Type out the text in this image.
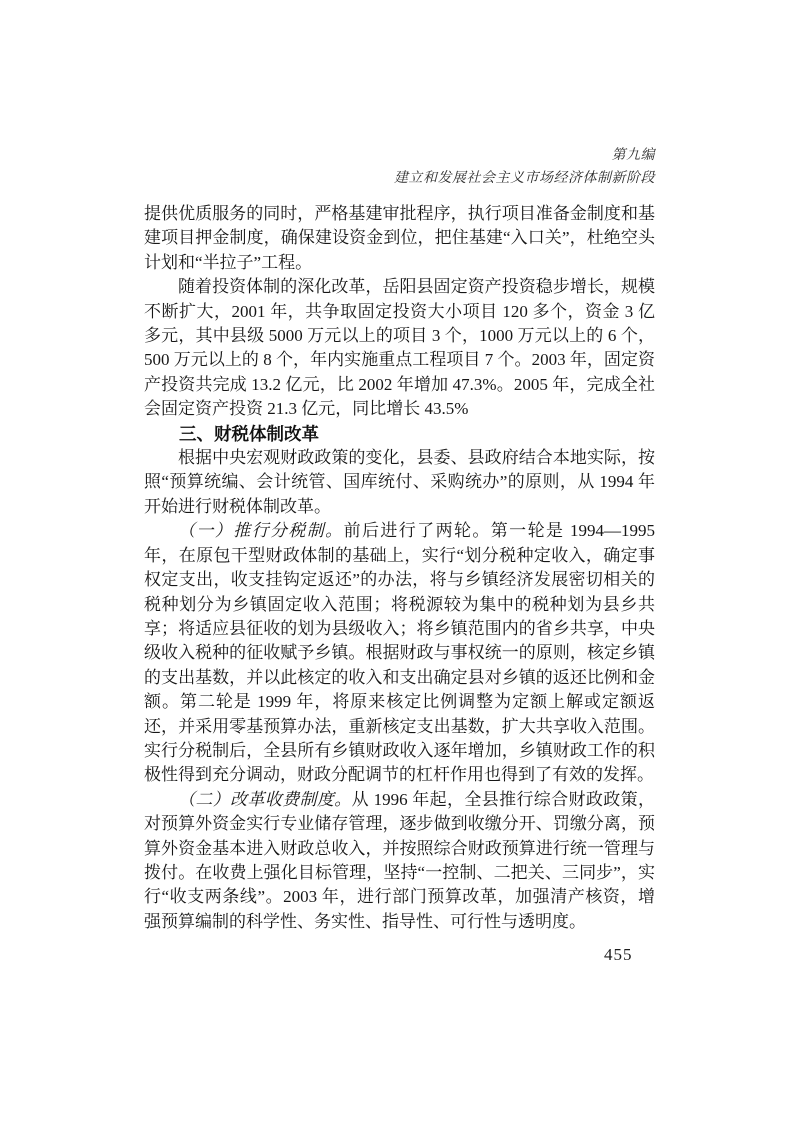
第九编
建立和发展社会主义市场经济体制新阶段

提供优质服务的同时，严格基建审批程序，执行项目准备金制度和基建项目押金制度，确保建设资金到位，把住基建“入口关”，杜绝空头计划和“半拉子”工程。

随着投资体制的深化改革，岳阳县固定资产投资稳步增长，规模不断扩大，2001 年，共争取固定投资大小项目 120 多个，资金 3 亿多元，其中县级 5000 万元以上的项目 3 个，1000 万元以上的 6 个，500 万元以上的 8 个，年内实施重点工程项目 7 个。2003 年，固定资产投资共完成 13.2 亿元，比 2002 年增加 47.3%。2005 年，完成全社会固定资产投资 21.3 亿元，同比增长 43.5%

三、财税体制改革

根据中央宏观财政政策的变化，县委、县政府结合本地实际，按照“预算统编、会计统管、国库统付、采购统办”的原则，从 1994 年开始进行财税体制改革。

（一）推行分税制。前后进行了两轮。第一轮是 1994—1995 年，在原包干型财政体制的基础上，实行“划分税种定收入，确定事权定支出，收支挂钩定返还”的办法，将与乡镇经济发展密切相关的税种划分为乡镇固定收入范围；将税源较为集中的税种划为县乡共享；将适应县征收的划为县级收入；将乡镇范围内的省乡共享，中央级收入税种的征收赋予乡镇。根据财政与事权统一的原则，核定乡镇的支出基数，并以此核定的收入和支出确定县对乡镇的返还比例和金额。第二轮是 1999 年，将原来核定比例调整为定额上解或定额返还，并采用零基预算办法，重新核定支出基数，扩大共享收入范围。实行分税制后，全县所有乡镇财政收入逐年增加，乡镇财政工作的积极性得到充分调动，财政分配调节的杠杆作用也得到了有效的发挥。

（二）改革收费制度。从 1996 年起，全县推行综合财政政策，对预算外资金实行专业储存管理，逐步做到收缴分开、罚缴分离，预算外资金基本进入财政总收入，并按照综合财政预算进行统一管理与拨付。在收费上强化目标管理，坚持“一控制、二把关、三同步”，实行“收支两条线”。2003 年，进行部门预算改革，加强清产核资，增强预算编制的科学性、务实性、指导性、可行性与透明度。

455
